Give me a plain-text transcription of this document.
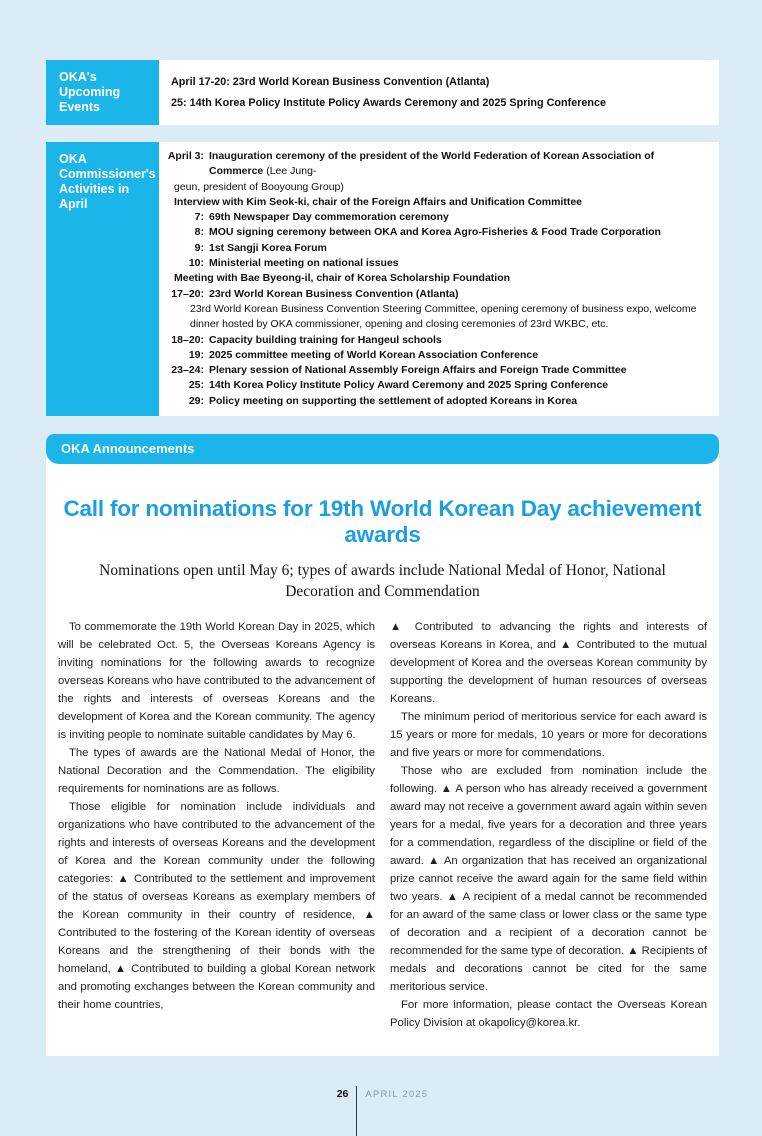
OKA's
Upcoming
Events
April 17-20: 23rd World Korean Business Convention (Atlanta)
25: 14th Korea Policy Institute Policy Awards Ceremony and 2025 Spring Conference
OKA
Commissioner's
Activities in
April
April 3: Inauguration ceremony of the president of the World Federation of Korean Association of Commerce (Lee Jung-
geun, president of Booyoung Group)
Interview with Kim Seok-ki, chair of the Foreign Affairs and Unification Committee
7: 69th Newspaper Day commemoration ceremony
8: MOU signing ceremony between OKA and Korea Agro-Fisheries & Food Trade Corporation
9: 1st Sangji Korea Forum
10: Ministerial meeting on national issues
Meeting with Bae Byeong-il, chair of Korea Scholarship Foundation
17–20: 23rd World Korean Business Convention (Atlanta)
23rd World Korean Business Convention Steering Committee, opening ceremony of business expo, welcome
dinner hosted by OKA commissioner, opening and closing ceremonies of 23rd WKBC, etc.
18–20: Capacity building training for Hangeul schools
19: 2025 committee meeting of World Korean Association Conference
23–24: Plenary session of National Assembly Foreign Affairs and Foreign Trade Committee
25: 14th Korea Policy Institute Policy Award Ceremony and 2025 Spring Conference
29: Policy meeting on supporting the settlement of adopted Koreans in Korea
OKA Announcements
Call for nominations for 19th World Korean Day achievement awards
Nominations open until May 6; types of awards include National Medal of Honor, National Decoration and Commendation

To commemorate the 19th World Korean Day in 2025, which will be celebrated Oct. 5, the Overseas Koreans Agency is inviting nominations for the following awards to recognize overseas Koreans who have contributed to the advancement of the rights and interests of overseas Koreans and the development of Korea and the Korean community. The agency is inviting people to nominate suitable candidates by May 6.

The types of awards are the National Medal of Honor, the National Decoration and the Commendation. The eligibility requirements for nominations are as follows.

Those eligible for nomination include individuals and organizations who have contributed to the advancement of the rights and interests of overseas Koreans and the development of Korea and the Korean community under the following categories: ▲ Contributed to the settlement and improvement of the status of overseas Koreans as exemplary members of the Korean community in their country of residence, ▲ Contributed to the fostering of the Korean identity of overseas Koreans and the strengthening of their bonds with the homeland, ▲ Contributed to building a global Korean network and promoting exchanges between the Korean community and their home countries,

▲ Contributed to advancing the rights and interests of overseas Koreans in Korea, and ▲ Contributed to the mutual development of Korea and the overseas Korean community by supporting the development of human resources of overseas Koreans.

The minimum period of meritorious service for each award is 15 years or more for medals, 10 years or more for decorations and five years or more for commendations.

Those who are excluded from nomination include the following. ▲ A person who has already received a government award may not receive a government award again within seven years for a medal, five years for a decoration and three years for a commendation, regardless of the discipline or field of the award. ▲ An organization that has received an organizational prize cannot receive the award again for the same field within two years. ▲ A recipient of a medal cannot be recommended for an award of the same class or lower class or the same type of decoration and a recipient of a decoration cannot be recommended for the same type of decoration. ▲ Recipients of medals and decorations cannot be cited for the same meritorious service.

For more information, please contact the Overseas Korean Policy Division at okapolicy@korea.kr.

26 APRIL 2025
